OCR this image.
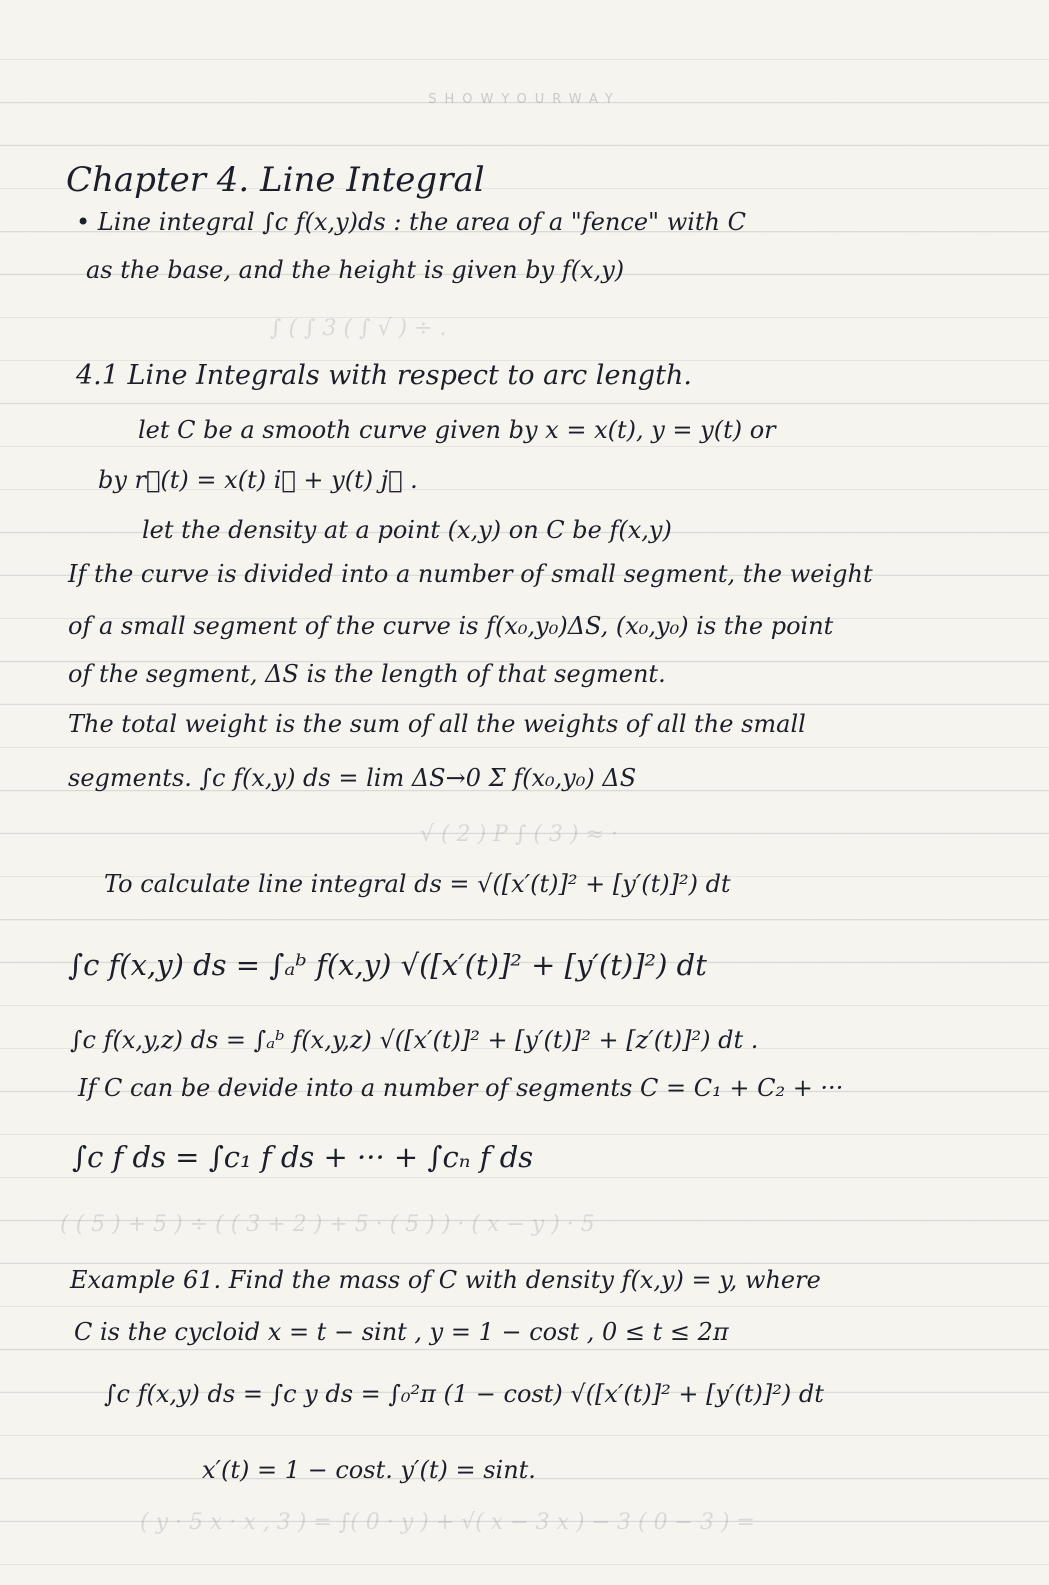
SHOWYOURWAY
Chapter 4. Line Integral
• Line integral ∫c f(x,y)ds : the area of a "fence" with C
as the base, and the height is given by f(x,y)
∫ ( ∫ 3 ( ∫ √ ) ÷ .
4.1 Line Integrals with respect to arc length.
let C be a smooth curve given by x = x(t), y = y(t) or
by r⃗(t) = x(t) i⃗ + y(t) j⃗ .
let the density at a point (x,y) on C be f(x,y)
If the curve is divided into a number of small segment, the weight
of a small segment of the curve is f(x₀,y₀)ΔS, (x₀,y₀) is the point
of the segment, ΔS is the length of that segment.
The total weight is the sum of all the weights of all the small
segments. ∫c f(x,y) ds = lim ΔS→0 Σ f(x₀,y₀) ΔS
√ ( 2 ) P ∫ ( 3 ) ≈ ·
To calculate line integral ds = √([x′(t)]² + [y′(t)]²) dt
∫c f(x,y) ds = ∫ₐᵇ f(x,y) √([x′(t)]² + [y′(t)]²) dt
∫c f(x,y,z) ds = ∫ₐᵇ f(x,y,z) √([x′(t)]² + [y′(t)]² + [z′(t)]²) dt .
If C can be devide into a number of segments C = C₁ + C₂ + ···
∫c f ds = ∫c₁ f ds + ··· + ∫cₙ f ds
( ( 5 ) + 5 ) ÷ ( ( 3 + 2 ) + 5 · ( 5 ) ) · ( x − y ) · 5
Example 61. Find the mass of C with density f(x,y) = y, where
C is the cycloid x = t − sint , y = 1 − cost , 0 ≤ t ≤ 2π
∫c f(x,y) ds = ∫c y ds = ∫₀²π (1 − cost) √([x′(t)]² + [y′(t)]²) dt
x′(t) = 1 − cost. y′(t) = sint.
( y · 5 x · x , 3 ) = ∫( 0 · y ) + √( x − 3 x ) − 3 ( 0 − 3 ) =
